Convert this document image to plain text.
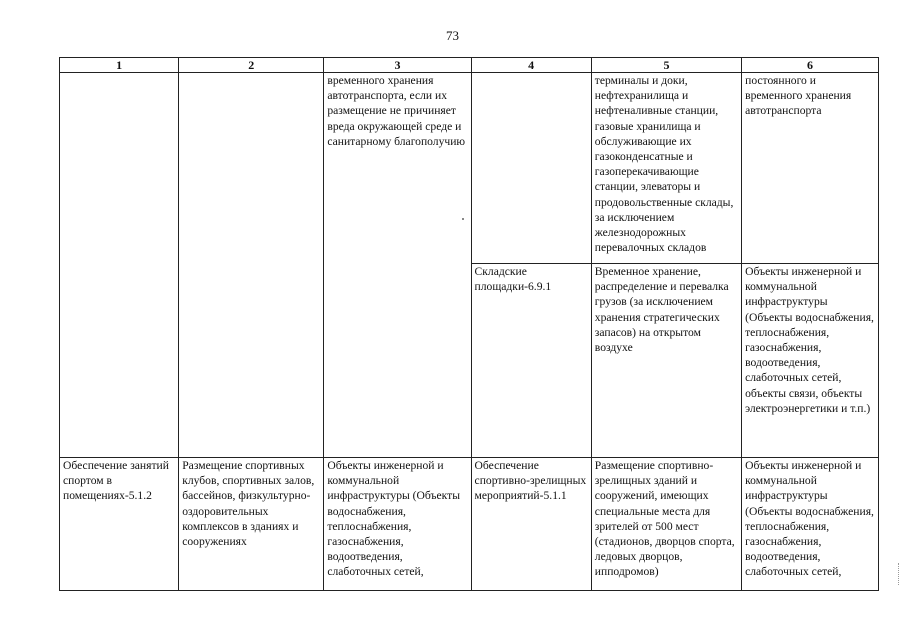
73
1	2	3	4	5	6

		временного хранения автотранспорта, если их размещение не причиняет вреда окружающей среде и санитарному благополучию		терминалы и доки, нефтехранилища и нефтеналивные станции, газовые хранилища и обслуживающие их газоконденсатные и газоперекачивающие станции, элеваторы и продовольственные склады, за исключением железнодорожных перевалочных складов	постоянного и временного хранения автотранспорта

			Складские площадки-6.9.1	Временное хранение, распределение и перевалка грузов (за исключением хранения стратегических запасов) на открытом воздухе	Объекты инженерной и коммунальной инфраструктуры (Объекты водоснабжения, теплоснабжения, газоснабжения, водоотведения, слаботочных сетей, объекты связи, объекты электроэнергетики и т.п.)

Обеспечение занятий спортом в помещениях-5.1.2	Размещение спортивных клубов, спортивных залов, бассейнов, физкультурно-оздоровительных комплексов в зданиях и сооружениях	Объекты инженерной и коммунальной инфраструктуры (Объекты водоснабжения, теплоснабжения, газоснабжения, водоотведения, слаботочных сетей,	Обеспечение спортивно-зрелищных мероприятий-5.1.1	Размещение спортивно-зрелищных зданий и сооружений, имеющих специальные места для зрителей от 500 мест (стадионов, дворцов спорта, ледовых дворцов, ипподромов)	Объекты инженерной и коммунальной инфраструктуры (Объекты водоснабжения, теплоснабжения, газоснабжения, водоотведения, слаботочных сетей,
